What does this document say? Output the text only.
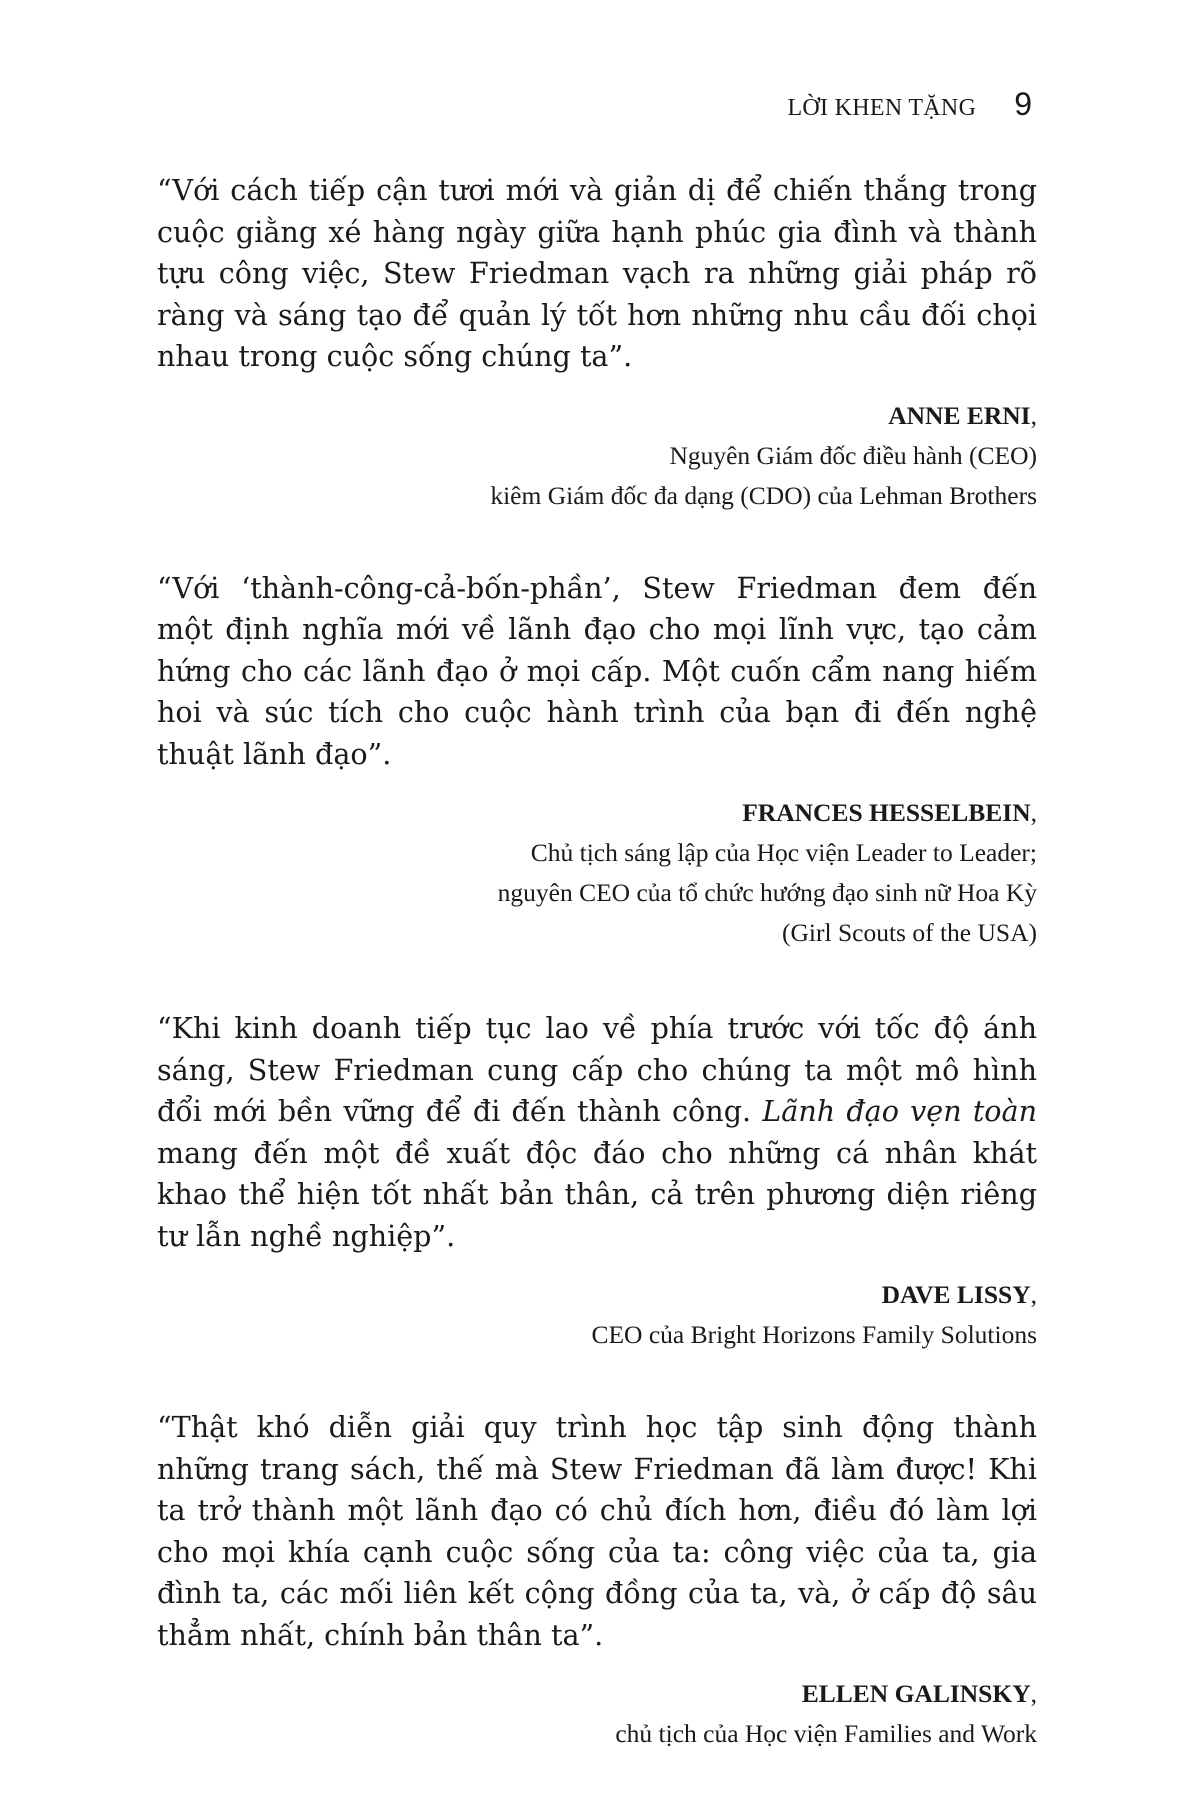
LỜI KHEN TẶNG 9

“Với cách tiếp cận tươi mới và giản dị để chiến thắng trong cuộc giằng xé hàng ngày giữa hạnh phúc gia đình và thành tựu công việc, Stew Friedman vạch ra những giải pháp rõ ràng và sáng tạo để quản lý tốt hơn những nhu cầu đối chọi nhau trong cuộc sống chúng ta”.

ANNE ERNI,
Nguyên Giám đốc điều hành (CEO)
kiêm Giám đốc đa dạng (CDO) của Lehman Brothers

“Với ‘thành-công-cả-bốn-phần’, Stew Friedman đem đến một định nghĩa mới về lãnh đạo cho mọi lĩnh vực, tạo cảm hứng cho các lãnh đạo ở mọi cấp. Một cuốn cẩm nang hiếm hoi và súc tích cho cuộc hành trình của bạn đi đến nghệ thuật lãnh đạo”.

FRANCES HESSELBEIN,
Chủ tịch sáng lập của Học viện Leader to Leader;
nguyên CEO của tổ chức hướng đạo sinh nữ Hoa Kỳ
(Girl Scouts of the USA)

“Khi kinh doanh tiếp tục lao về phía trước với tốc độ ánh sáng, Stew Friedman cung cấp cho chúng ta một mô hình đổi mới bền vững để đi đến thành công. Lãnh đạo vẹn toàn mang đến một đề xuất độc đáo cho những cá nhân khát khao thể hiện tốt nhất bản thân, cả trên phương diện riêng tư lẫn nghề nghiệp”.

DAVE LISSY,
CEO của Bright Horizons Family Solutions

“Thật khó diễn giải quy trình học tập sinh động thành những trang sách, thế mà Stew Friedman đã làm được! Khi ta trở thành một lãnh đạo có chủ đích hơn, điều đó làm lợi cho mọi khía cạnh cuộc sống của ta: công việc của ta, gia đình ta, các mối liên kết cộng đồng của ta, và, ở cấp độ sâu thẳm nhất, chính bản thân ta”.

ELLEN GALINSKY,
chủ tịch của Học viện Families and Work
